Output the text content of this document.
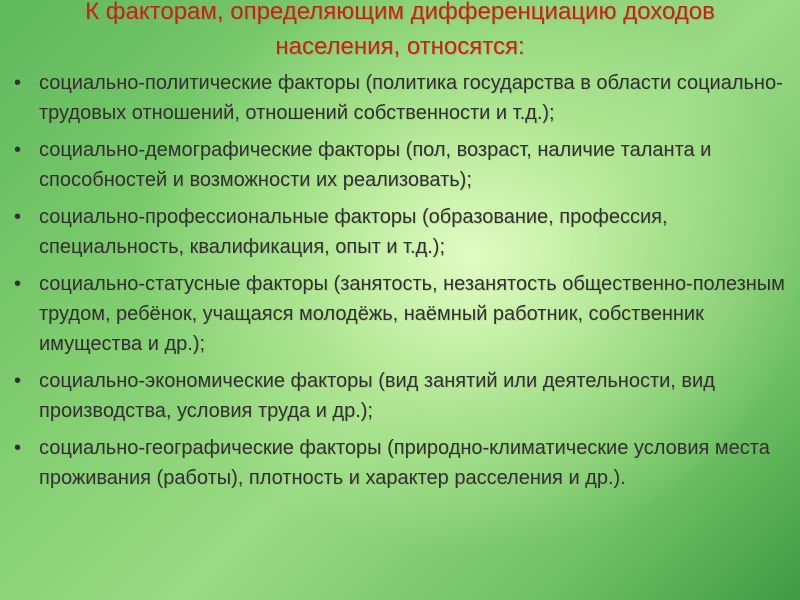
К факторам, определяющим дифференциацию доходов
населения, относятся:
• социально-политические факторы (политика государства в области социально-трудовых отношений, отношений собственности и т.д.);
• социально-демографические факторы (пол, возраст, наличие таланта и способностей и возможности их реализовать);
• социально-профессиональные факторы (образование, профессия, специальность, квалификация, опыт и т.д.);
• социально-статусные факторы (занятость, незанятость общественно-полезным трудом, ребёнок, учащаяся молодёжь, наёмный работник, собственник имущества и др.);
• социально-экономические факторы (вид занятий или деятельности, вид производства, условия труда и др.);
• социально-географические факторы (природно-климатические условия места проживания (работы), плотность и характер расселения и др.).
